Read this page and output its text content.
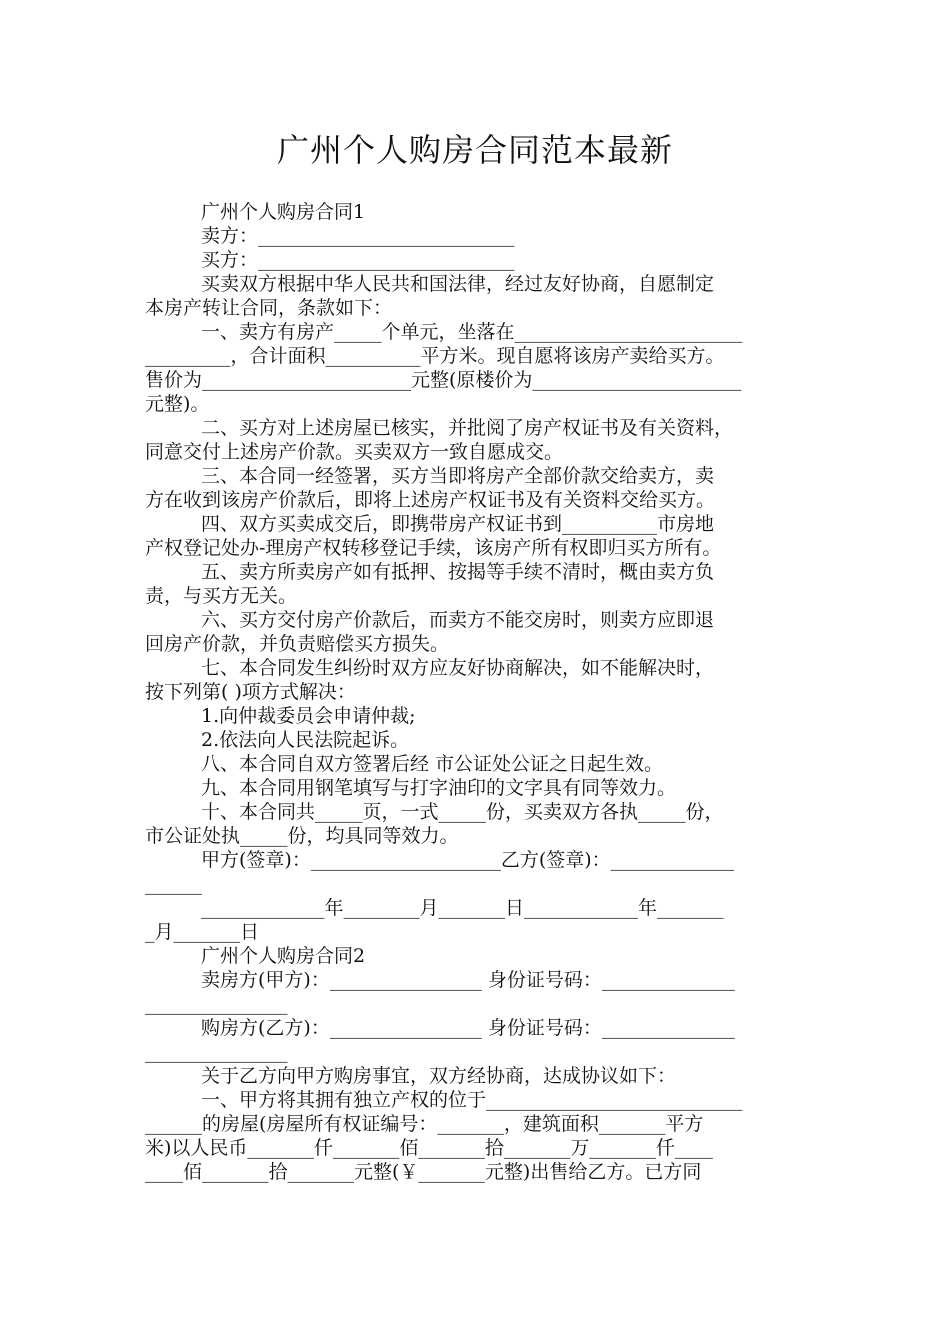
广州个人购房合同范本最新
广州个人购房合同1
卖方：___________________________
买方：___________________________
买卖双方根据中华人民共和国法律，经过友好协商，自愿制定
本房产转让合同，条款如下：
一、卖方有房产_____个单元，坐落在________________________
_________，合计面积__________平方米。现自愿将该房产卖给买方。
售价为______________________元整(原楼价为______________________
元整)。
二、买方对上述房屋已核实，并批阅了房产权证书及有关资料，
同意交付上述房产价款。买卖双方一致自愿成交。
三、本合同一经签署，买方当即将房产全部价款交给卖方，卖
方在收到该房产价款后，即将上述房产权证书及有关资料交给买方。
四、双方买卖成交后，即携带房产权证书到__________市房地
产权登记处办-理房产权转移登记手续，该房产所有权即归买方所有。
五、卖方所卖房产如有抵押、按揭等手续不清时，概由卖方负
责，与买方无关。
六、买方交付房产价款后，而卖方不能交房时，则卖方应即退
回房产价款，并负责赔偿买方损失。
七、本合同发生纠纷时双方应友好协商解决，如不能解决时，
按下列第( )项方式解决：
1.向仲裁委员会申请仲裁;
2.依法向人民法院起诉。
八、本合同自双方签署后经 市公证处公证之日起生效。
九、本合同用钢笔填写与打字油印的文字具有同等效力。
十、本合同共_____页，一式_____份，买卖双方各执_____份，
市公证处执_____份，均具同等效力。
甲方(签章)：____________________乙方(签章)：_____________
______
_____________年________月_______日____________年_______
_月_______日
广州个人购房合同2
卖房方(甲方)：________________ 身份证号码：______________
_______________
购房方(乙方)：________________ 身份证号码：______________
_______________
关于乙方向甲方购房事宜，双方经协商，达成协议如下：
一、甲方将其拥有独立产权的位于___________________________
______的房屋(房屋所有权证编号：_______，建筑面积_______平方
米)以人民币_______仟_______佰_______拾_______万_______仟____
____佰_______拾_______元整(￥_______元整)出售给乙方。已方同
